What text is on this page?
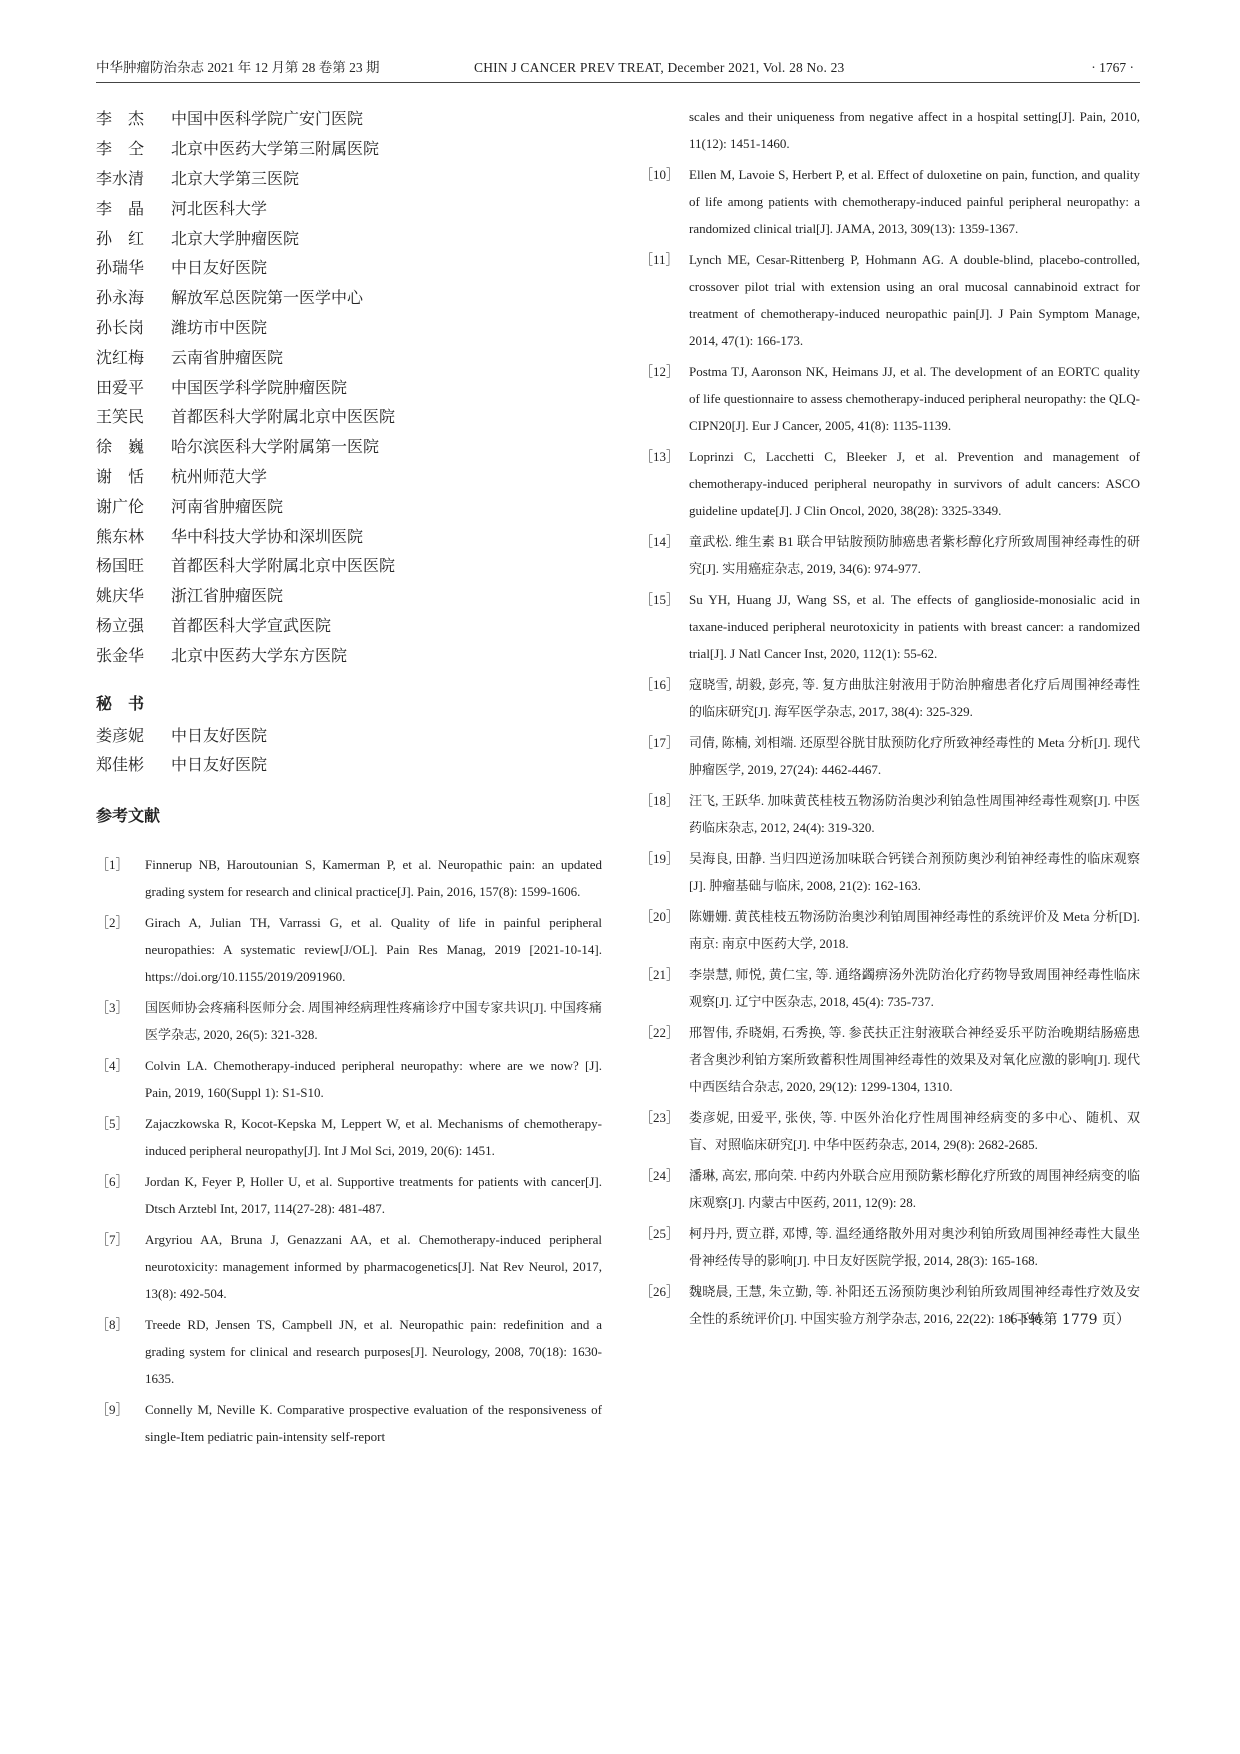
中华肿瘤防治杂志 2021 年 12 月第 28 卷第 23 期	CHIN J CANCER PREV TREAT, December 2021, Vol. 28 No. 23	· 1767 ·
李　杰	中国中医科学院广安门医院
李　仝	北京中医药大学第三附属医院
李水清	北京大学第三医院
李　晶	河北医科大学
孙　红	北京大学肿瘤医院
孙瑞华	中日友好医院
孙永海	解放军总医院第一医学中心
孙长岗	潍坊市中医院
沈红梅	云南省肿瘤医院
田爱平	中国医学科学院肿瘤医院
王笑民	首都医科大学附属北京中医医院
徐　巍	哈尔滨医科大学附属第一医院
谢　恬	杭州师范大学
谢广伦	河南省肿瘤医院
熊东林	华中科技大学协和深圳医院
杨国旺	首都医科大学附属北京中医医院
姚庆华	浙江省肿瘤医院
杨立强	首都医科大学宣武医院
张金华	北京中医药大学东方医院
秘　书
娄彦妮	中日友好医院
郑佳彬	中日友好医院
参考文献
［1］	Finnerup NB, Haroutounian S, Kamerman P, et al. Neuropathic pain: an updated grading system for research and clinical practice[J]. Pain, 2016, 157(8): 1599-1606.
［2］	Girach A, Julian TH, Varrassi G, et al. Quality of life in painful peripheral neuropathies: A systematic review[J/OL]. Pain Res Manag, 2019 [2021-10-14]. https://doi.org/10.1155/2019/2091960.
［3］	国医师协会疼痛科医师分会. 周围神经病理性疼痛诊疗中国专家共识[J]. 中国疼痛医学杂志, 2020, 26(5): 321-328.
［4］	Colvin LA. Chemotherapy-induced peripheral neuropathy: where are we now? [J]. Pain, 2019, 160(Suppl 1): S1-S10.
［5］	Zajaczkowska R, Kocot-Kepska M, Leppert W, et al. Mechanisms of chemotherapy-induced peripheral neuropathy[J]. Int J Mol Sci, 2019, 20(6): 1451.
［6］	Jordan K, Feyer P, Holler U, et al. Supportive treatments for patients with cancer[J]. Dtsch Arztebl Int, 2017, 114(27-28): 481-487.
［7］	Argyriou AA, Bruna J, Genazzani AA, et al. Chemotherapy-induced peripheral neurotoxicity: management informed by pharmacogenetics[J]. Nat Rev Neurol, 2017, 13(8): 492-504.
［8］	Treede RD, Jensen TS, Campbell JN, et al. Neuropathic pain: redefinition and a grading system for clinical and research purposes[J]. Neurology, 2008, 70(18): 1630-1635.
［9］	Connelly M, Neville K. Comparative prospective evaluation of the responsiveness of single-Item pediatric pain-intensity self-report
scales and their uniqueness from negative affect in a hospital setting[J]. Pain, 2010, 11(12): 1451-1460.
［10］ Ellen M, Lavoie S, Herbert P, et al. Effect of duloxetine on pain, function, and quality of life among patients with chemotherapy-induced painful peripheral neuropathy: a randomized clinical trial[J]. JAMA, 2013, 309(13): 1359-1367.
［11］ Lynch ME, Cesar-Rittenberg P, Hohmann AG. A double-blind, placebo-controlled, crossover pilot trial with extension using an oral mucosal cannabinoid extract for treatment of chemotherapy-induced neuropathic pain[J]. J Pain Symptom Manage, 2014, 47(1): 166-173.
［12］ Postma TJ, Aaronson NK, Heimans JJ, et al. The development of an EORTC quality of life questionnaire to assess chemotherapy-induced peripheral neuropathy: the QLQ-CIPN20[J]. Eur J Cancer, 2005, 41(8): 1135-1139.
［13］ Loprinzi C, Lacchetti C, Bleeker J, et al. Prevention and management of chemotherapy-induced peripheral neuropathy in survivors of adult cancers: ASCO guideline update[J]. J Clin Oncol, 2020, 38(28): 3325-3349.
［14］ 童武松. 维生素 B1 联合甲钴胺预防肺癌患者紫杉醇化疗所致周围神经毒性的研究[J]. 实用癌症杂志, 2019, 34(6): 974-977.
［15］ Su YH, Huang JJ, Wang SS, et al. The effects of ganglioside-monosialic acid in taxane-induced peripheral neurotoxicity in patients with breast cancer: a randomized trial[J]. J Natl Cancer Inst, 2020, 112(1): 55-62.
［16］ 寇晓雪, 胡毅, 彭亮, 等. 复方曲肽注射液用于防治肿瘤患者化疗后周围神经毒性的临床研究[J]. 海军医学杂志, 2017, 38(4): 325-329.
［17］ 司倩, 陈楠, 刘相端. 还原型谷胱甘肽预防化疗所致神经毒性的 Meta 分析[J]. 现代肿瘤医学, 2019, 27(24): 4462-4467.
［18］ 汪飞, 王跃华. 加味黄芪桂枝五物汤防治奥沙利铂急性周围神经毒性观察[J]. 中医药临床杂志, 2012, 24(4): 319-320.
［19］ 吴海良, 田静. 当归四逆汤加味联合钙镁合剂预防奥沙利铂神经毒性的临床观察[J]. 肿瘤基础与临床, 2008, 21(2): 162-163.
［20］ 陈姗姗. 黄芪桂枝五物汤防治奥沙利铂周围神经毒性的系统评价及 Meta 分析[D]. 南京: 南京中医药大学, 2018.
［21］ 李崇慧, 师悦, 黄仁宝, 等. 通络蠲痹汤外洗防治化疗药物导致周围神经毒性临床观察[J]. 辽宁中医杂志, 2018, 45(4): 735-737.
［22］ 邢智伟, 乔晓娟, 石秀换, 等. 参芪扶正注射液联合神经妥乐平防治晚期结肠癌患者含奥沙利铂方案所致蓄积性周围神经毒性的效果及对氧化应激的影响[J]. 现代中西医结合杂志, 2020, 29(12): 1299-1304, 1310.
［23］ 娄彦妮, 田爱平, 张侠, 等. 中医外治化疗性周围神经病变的多中心、随机、双盲、对照临床研究[J]. 中华中医药杂志, 2014, 29(8): 2682-2685.
［24］ 潘琳, 高宏, 邢向荣. 中药内外联合应用预防紫杉醇化疗所致的周围神经病变的临床观察[J]. 内蒙古中医药, 2011, 12(9): 28.
［25］ 柯丹丹, 贾立群, 邓博, 等. 温经通络散外用对奥沙利铂所致周围神经毒性大鼠坐骨神经传导的影响[J]. 中日友好医院学报, 2014, 28(3): 165-168.
［26］ 魏晓晨, 王慧, 朱立勤, 等. 补阳还五汤预防奥沙利铂所致周围神经毒性疗效及安全性的系统评价[J]. 中国实验方剂学杂志, 2016, 22(22): 186-190.
（下转第 1779 页）
